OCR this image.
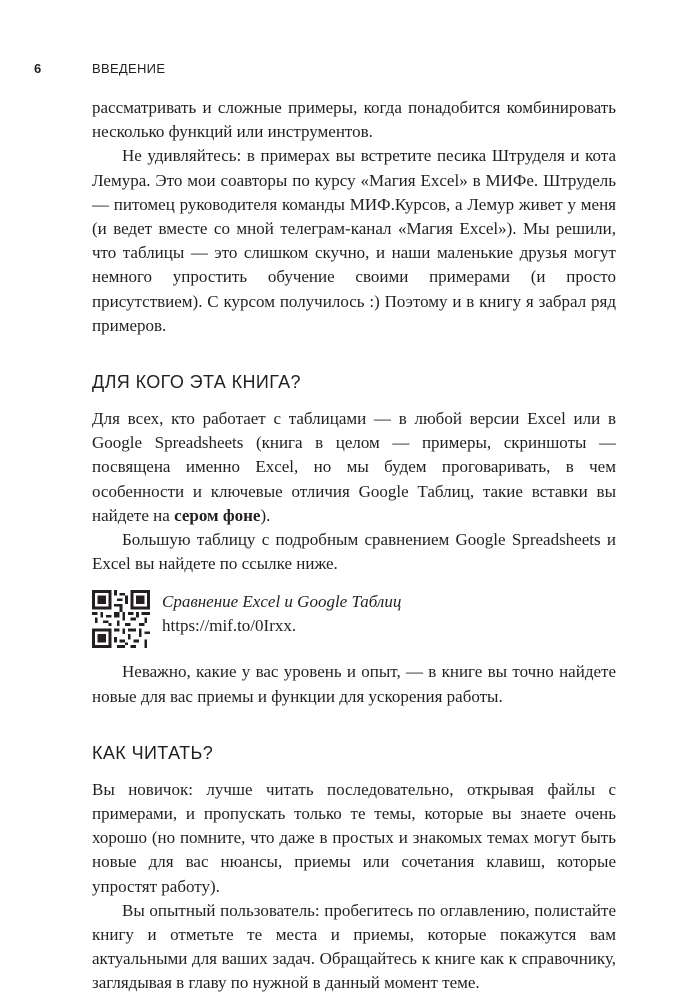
6	ВВЕДЕНИЕ

рассматривать и сложные примеры, когда понадобится комбинировать несколько функций или инструментов.

Не удивляйтесь: в примерах вы встретите песика Штруделя и кота Лемура. Это мои соавторы по курсу «Магия Excel» в МИФе. Штрудель — питомец руководителя команды МИФ.Курсов, а Лемур живет у меня (и ведет вместе со мной телеграм-канал «Магия Excel»). Мы решили, что таблицы — это слишком скучно, и наши маленькие друзья могут немного упростить обучение своими примерами (и просто присутствием). С курсом получилось :) Поэтому и в книгу я забрал ряд примеров.

ДЛЯ КОГО ЭТА КНИГА?

Для всех, кто работает с таблицами — в любой версии Excel или в Google Spreadsheets (книга в целом — примеры, скриншоты — посвящена именно Excel, но мы будем проговаривать, в чем особенности и ключевые отличия Google Таблиц, такие вставки вы найдете на сером фоне).

Большую таблицу с подробным сравнением Google Spreadsheets и Excel вы найдете по ссылке ниже.

Сравнение Excel и Google Таблиц

https://mif.to/0Irxx.

Неважно, какие у вас уровень и опыт, — в книге вы точно найдете новые для вас приемы и функции для ускорения работы.

КАК ЧИТАТЬ?

Вы новичок: лучше читать последовательно, открывая файлы с примерами, и пропускать только те темы, которые вы знаете очень хорошо (но помните, что даже в простых и знакомых темах могут быть новые для вас нюансы, приемы или сочетания клавиш, которые упростят работу).

Вы опытный пользователь: пробегитесь по оглавлению, полистайте книгу и отметьте те места и приемы, которые покажутся вам актуальными для ваших задач. Обращайтесь к книге как к справочнику, заглядывая в главу по нужной в данный момент теме.
